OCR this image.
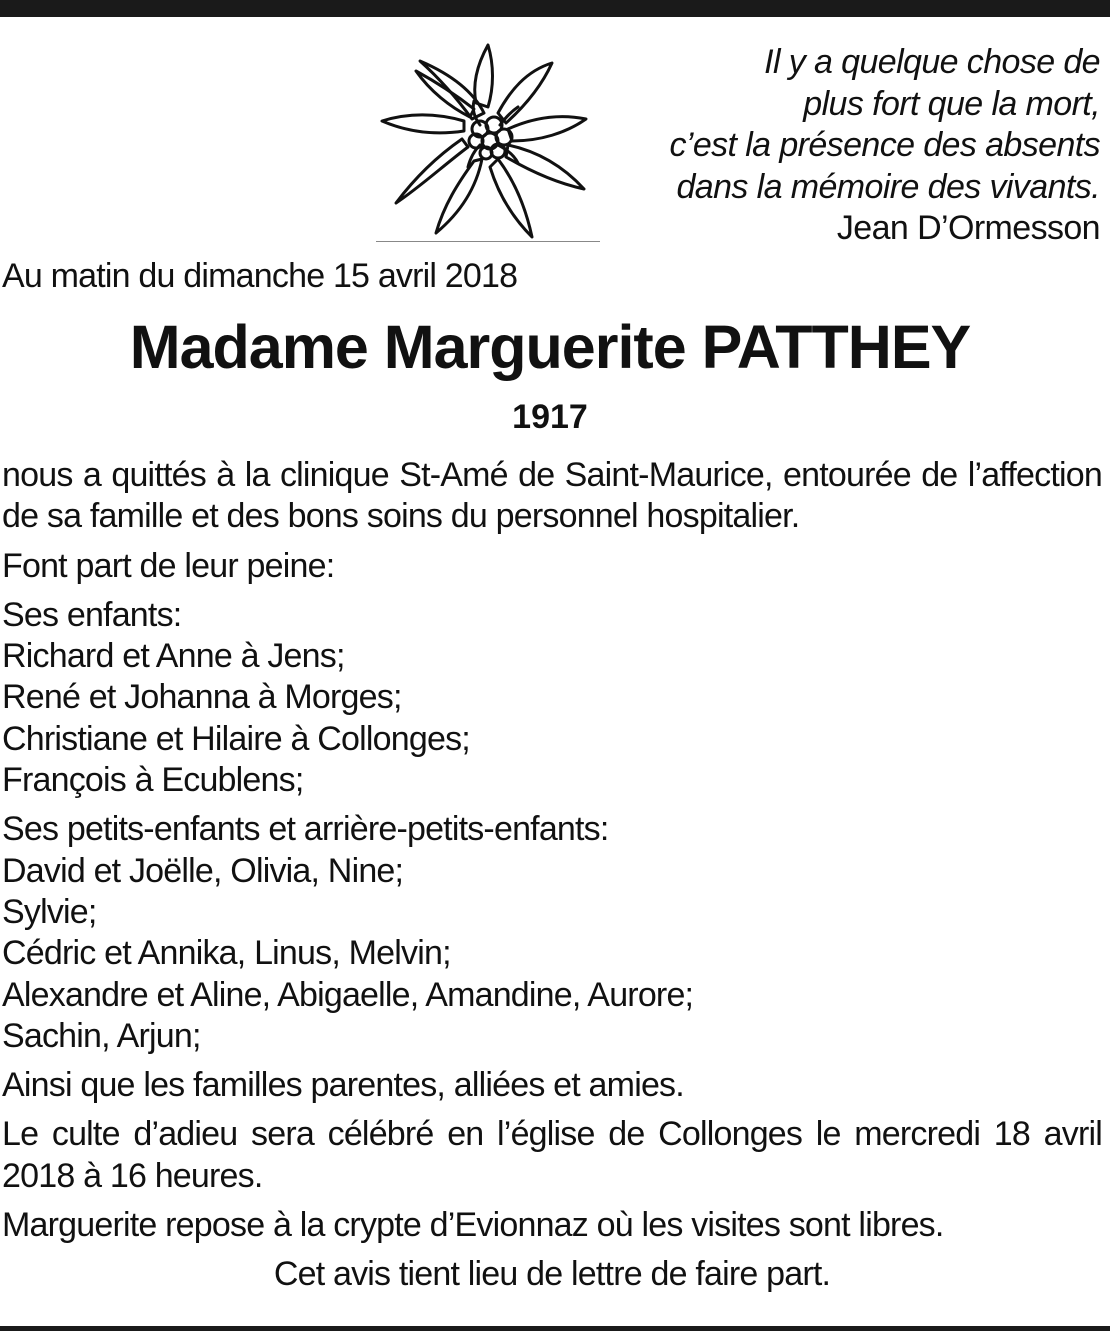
Il y a quelque chose de
plus fort que la mort,
c’est la présence des absents
dans la mémoire des vivants.
Jean D’Ormesson
Au matin du dimanche 15 avril 2018
Madame Marguerite PATTHEY
1917
nous a quittés à la clinique St-Amé de Saint-Maurice, entourée de l’affection
de sa famille et des bons soins du personnel hospitalier.
Font part de leur peine:
Ses enfants:
Richard et Anne à Jens;
René et Johanna à Morges;
Christiane et Hilaire à Collonges;
François à Ecublens;
Ses petits-enfants et arrière-petits-enfants:
David et Joëlle, Olivia, Nine;
Sylvie;
Cédric et Annika, Linus, Melvin;
Alexandre et Aline, Abigaelle, Amandine, Aurore;
Sachin, Arjun;
Ainsi que les familles parentes, alliées et amies.
Le culte d’adieu sera célébré en l’église de Collonges le mercredi 18 avril
2018 à 16 heures.
Marguerite repose à la crypte d’Evionnaz où les visites sont libres.
Cet avis tient lieu de lettre de faire part.
